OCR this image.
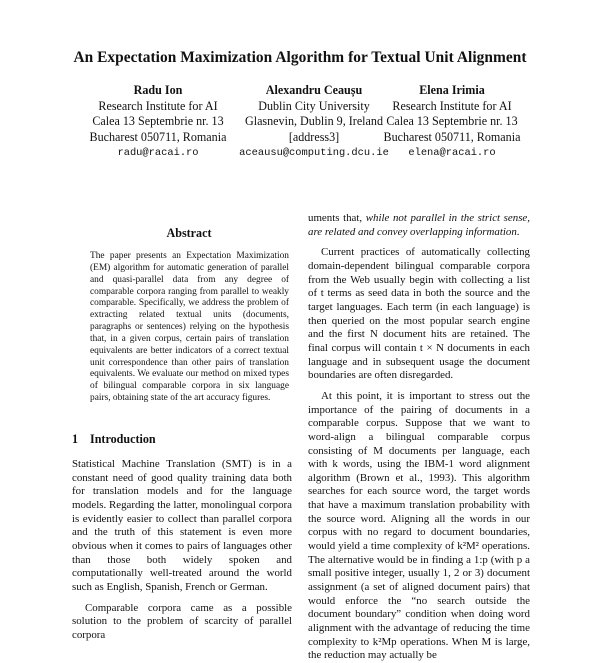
An Expectation Maximization Algorithm for Textual Unit Alignment
Radu Ion
Research Institute for AI
Calea 13 Septembrie nr. 13
Bucharest 050711, Romania
radu@racai.ro
Alexandru Ceaușu
Dublin City University
Glasnevin, Dublin 9, Ireland
[address3]
aceausu@computing.dcu.ie
Elena Irimia
Research Institute for AI
Calea 13 Septembrie nr. 13
Bucharest 050711, Romania
elena@racai.ro
Abstract

The paper presents an Expectation Maximization (EM) algorithm for automatic generation of parallel and quasi-parallel data from any degree of comparable corpora ranging from parallel to weakly comparable. Specifically, we address the problem of extracting related textual units (documents, paragraphs or sentences) relying on the hypothesis that, in a given corpus, certain pairs of translation equivalents are better indicators of a correct textual unit correspondence than other pairs of translation equivalents. We evaluate our method on mixed types of bilingual comparable corpora in six language pairs, obtaining state of the art accuracy figures.

1 Introduction

Statistical Machine Translation (SMT) is in a constant need of good quality training data both for translation models and for the language models. Regarding the latter, monolingual corpora is evidently easier to collect than parallel corpora and the truth of this statement is even more obvious when it comes to pairs of languages other than those both widely spoken and computationally well-treated around the world such as English, Spanish, French or German.

Comparable corpora came as a possible solution to the problem of scarcity of parallel corpora

uments that, while not parallel in the strict sense, are related and convey overlapping information.

Current practices of automatically collecting domain-dependent bilingual comparable corpora from the Web usually begin with collecting a list of t terms as seed data in both the source and the target languages. Each term (in each language) is then queried on the most popular search engine and the first N document hits are retained. The final corpus will contain t × N documents in each language and in subsequent usage the document boundaries are often disregarded.

At this point, it is important to stress out the importance of the pairing of documents in a comparable corpus. Suppose that we want to word-align a bilingual comparable corpus consisting of M documents per language, each with k words, using the IBM-1 word alignment algorithm (Brown et al., 1993). This algorithm searches for each source word, the target words that have a maximum translation probability with the source word. Aligning all the words in our corpus with no regard to document boundaries, would yield a time complexity of k²M² operations. The alternative would be in finding a 1:p (with p a small positive integer, usually 1, 2 or 3) document assignment (a set of aligned document pairs) that would enforce the “no search outside the document boundary” condition when doing word alignment with the advantage of reducing the time complexity to k²Mp operations. When M is large, the reduction may actually be
